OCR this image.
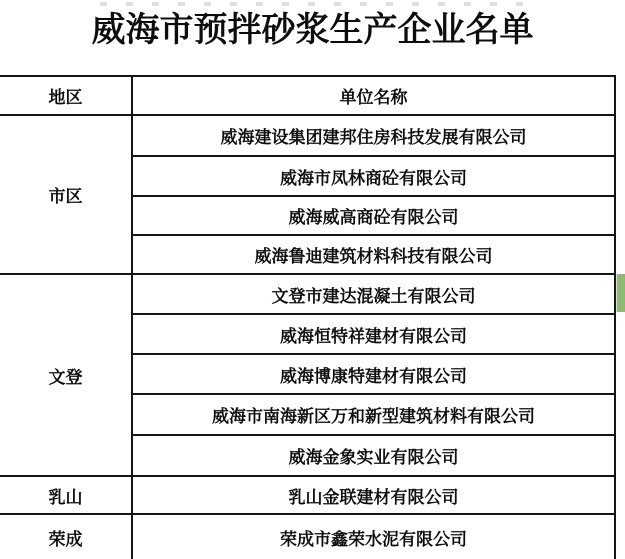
威海市预拌砂浆生产企业名单
地区	单位名称
市区	威海建设集团建邦住房科技发展有限公司
	威海市凤林商砼有限公司
	威海威高商砼有限公司
	威海鲁迪建筑材料科技有限公司
文登	文登市建达混凝土有限公司
	威海恒特祥建材有限公司
	威海博康特建材有限公司
	威海市南海新区万和新型建筑材料有限公司
	威海金象实业有限公司
乳山	乳山金联建材有限公司
荣成	荣成市鑫荣水泥有限公司
